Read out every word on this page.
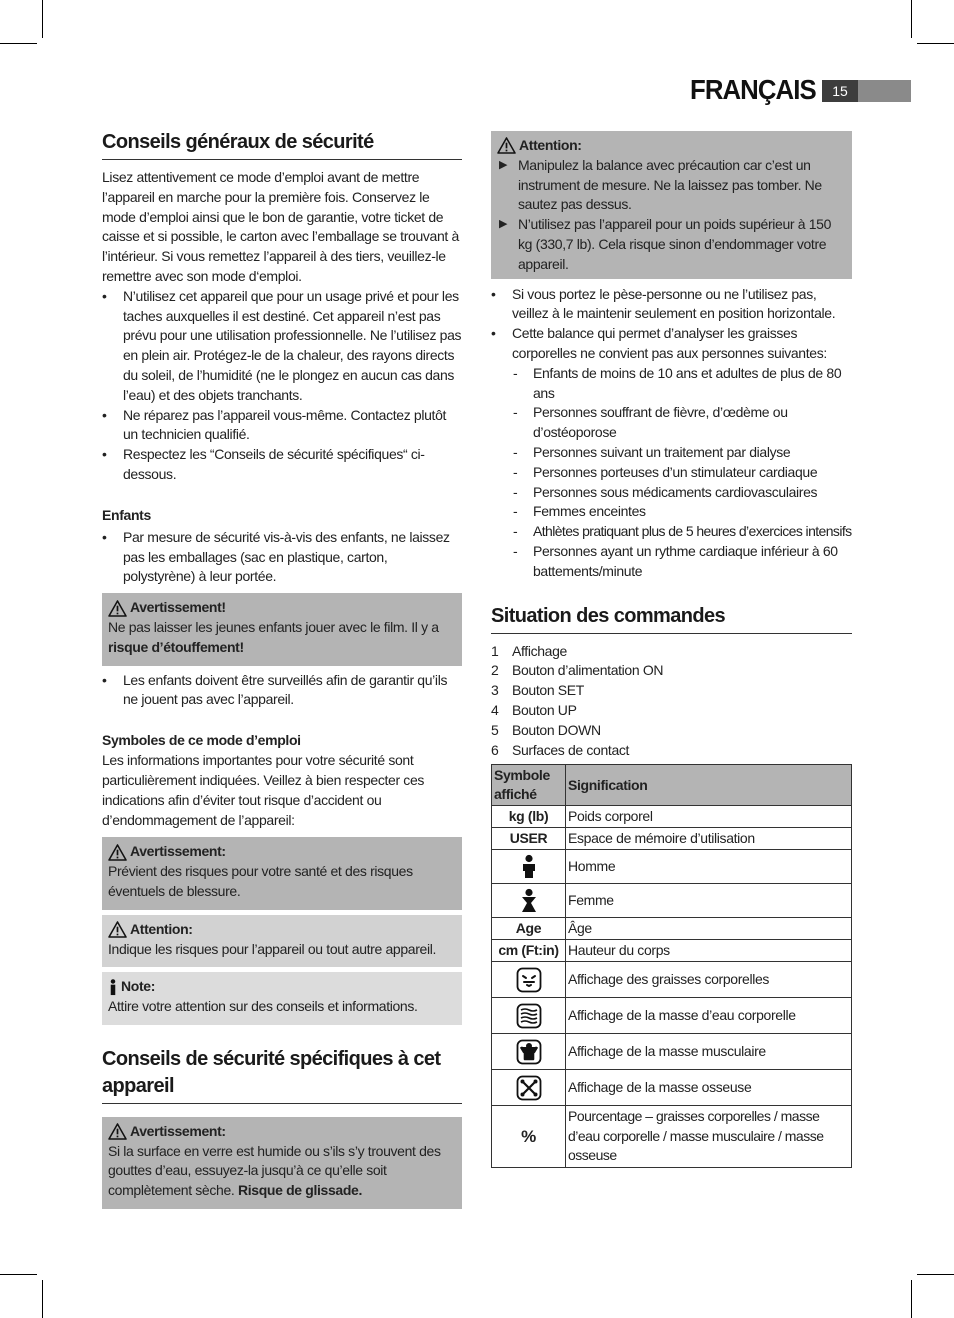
FRANÇAIS	15
Conseils généraux de sécurité

Lisez attentivement ce mode d’emploi avant de mettre l’appareil en marche pour la première fois. Conservez le mode d’emploi ainsi que le bon de garantie, votre ticket de caisse et si possible, le carton avec l’emballage se trouvant à l’intérieur. Si vous remettez l’appareil à des tiers, veuillez-le remettre avec son mode d‘emploi.

• N’utilisez cet appareil que pour un usage privé et pour les taches auxquelles il est destiné. Cet appareil n’est pas prévu pour une utilisation professionnelle. Ne l’utilisez pas en plein air. Protégez-le de la chaleur, des rayons directs du soleil, de l’humidité (ne le plongez en aucun cas dans l’eau) et des objets tranchants.
• Ne réparez pas l’appareil vous-même. Contactez plutôt un technicien qualifié.
• Respectez les “Conseils de sécurité spécifiques“ ci-dessous.
Enfants
• Par mesure de sécurité vis-à-vis des enfants, ne laissez pas les emballages (sac en plastique, carton, polystyrène) à leur portée.
Avertissement!
Ne pas laisser les jeunes enfants jouer avec le film. Il y a
risque d’étouffement!
• Les enfants doivent être surveillés afin de garantir qu’ils ne jouent pas avec l’appareil.
Symboles de ce mode d’emploi

Les informations importantes pour votre sécurité sont particulièrement indiquées. Veillez à bien respecter ces indications afin d’éviter tout risque d’accident ou d’endommagement de l’appareil:

Avertissement:
Prévient des risques pour votre santé et des risques éventuels de blessure.
Attention:
Indique les risques pour l’appareil ou tout autre appareil.
Note:
Attire votre attention sur des conseils et informations.
Conseils de sécurité spécifiques à cet appareil
Avertissement:
Si la surface en verre est humide ou s’ils s’y trouvent des gouttes d’eau, essuyez-la jusqu’à ce qu’elle soit complètement sèche. Risque de glissade.
Attention:
▶ Manipulez la balance avec précaution car c’est un instrument de mesure. Ne la laissez pas tomber. Ne sautez pas dessus.
▶ N’utilisez pas l’appareil pour un poids supérieur à 150 kg (330,7 lb). Cela risque sinon d’endommager votre appareil.
• Si vous portez le pèse-personne ou ne l’utilisez pas, veillez à le maintenir seulement en position horizontale.
• Cette balance qui permet d’analyser les graisses corporelles ne convient pas aux personnes suivantes:
- Enfants de moins de 10 ans et adultes de plus de 80 ans
- Personnes souffrant de fièvre, d’œdème ou d’ostéoporose
- Personnes suivant un traitement par dialyse
- Personnes porteuses d’un stimulateur cardiaque
- Personnes sous médicaments cardiovasculaires
- Femmes enceintes
- Athlètes pratiquant plus de 5 heures d’exercices intensifs
- Personnes ayant un rythme cardiaque inférieur à 60 battements/minute
Situation des commandes
1 Affichage
2 Bouton d’alimentation ON
3 Bouton SET
4 Bouton UP
5 Bouton DOWN
6 Surfaces de contact
Symbole affiché	Signification
kg (lb)	Poids corporel
USER	Espace de mémoire d’utilisation

	Homme

	Femme
Age	Âge
cm (Ft:in)	Hauteur du corps

	Affichage des graisses corporelles

	Affichage de la masse d’eau corporelle

	Affichage de la masse musculaire

	Affichage de la masse osseuse
%	Pourcentage – graisses corporelles / masse d’eau corporelle / masse musculaire / masse osseuse
